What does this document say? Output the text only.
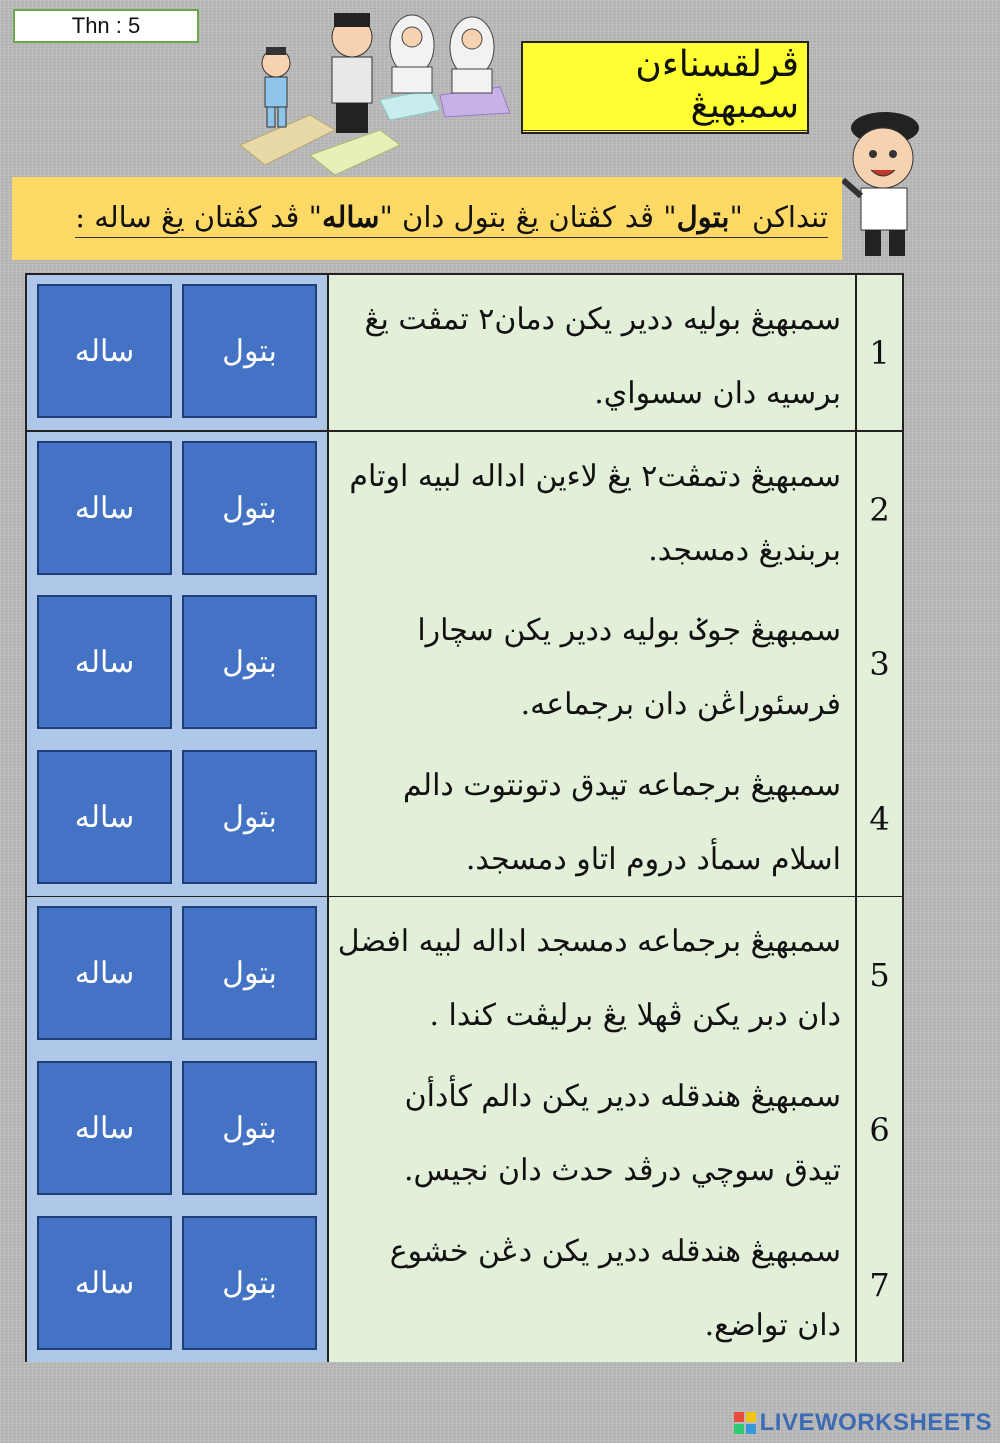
Thn : 5
ڤرلقسناءن سمبهيڠ
تنداكن "بتول" ڤد كڤتان يڠ بتول دان "ساله" ڤد كڤتان يڠ ساله :
ساله	بتول
سمبهيڠ بوليه ددير يكن دمان٢ تمڤت يڠ
برسيه دان سسواي.
1
ساله	بتول
سمبهيڠ دتمڤت٢ يڠ لاءين اداله لبيه اوتام
بربنديڠ دمسجد.
2
ساله	بتول
سمبهيڠ جوݢ بوليه ددير يكن سچارا
فرسئوراڠن دان برجماعه.
3
ساله	بتول
سمبهيڠ برجماعه تيدق دتونتوت دالم
اسلام سمأد دروم اتاو دمسجد.
4
ساله	بتول
سمبهيڠ برجماعه دمسجد اداله لبيه افضل
دان دبر يكن ڤهلا يڠ برليڤت كندا .
5
ساله	بتول
سمبهيڠ هندقله ددير يكن دالم كأدأن
تيدق سوچي درڤد حدث دان نجيس.
6
ساله	بتول
سمبهيڠ هندقله ددير يكن دڠن خشوع
دان تواضع.
7
LIVEWORKSHEETS
